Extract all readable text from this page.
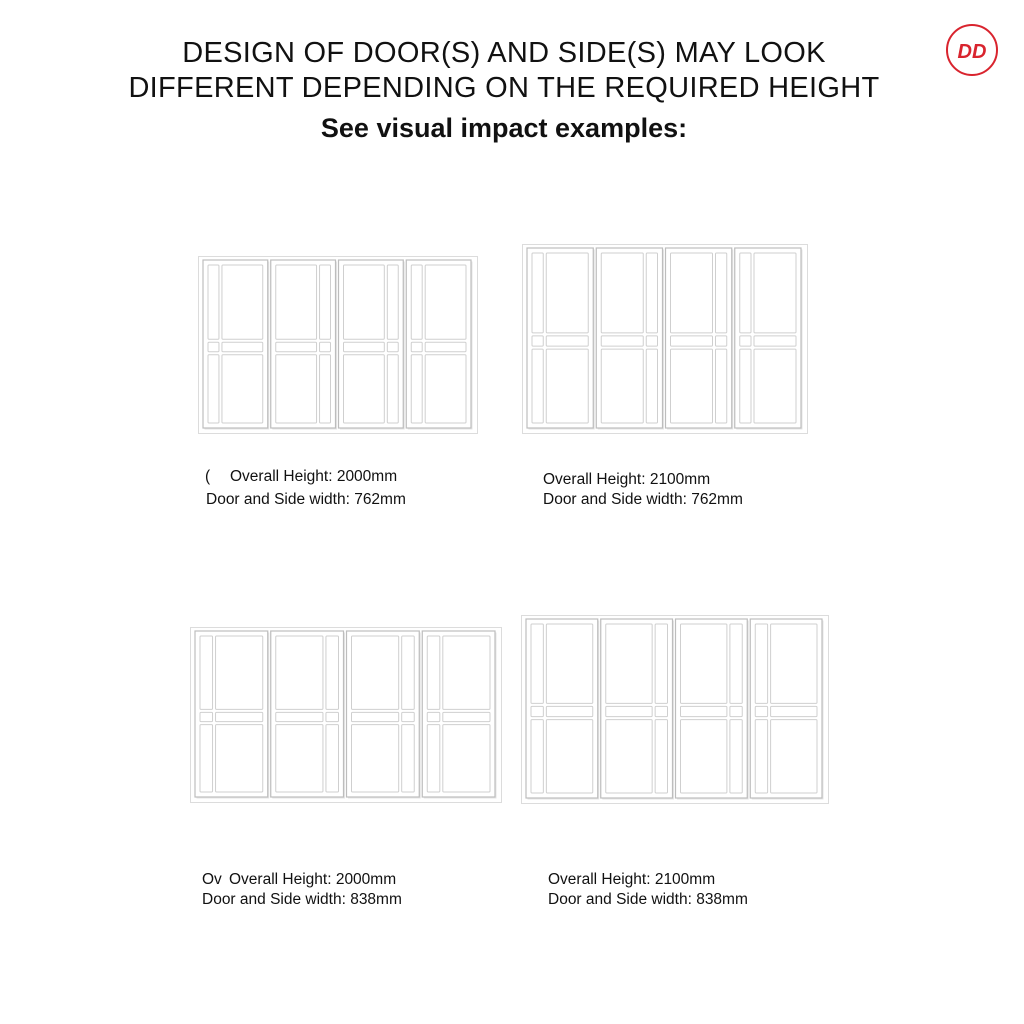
DESIGN OF DOOR(S) AND SIDE(S) MAY LOOK
DIFFERENT DEPENDING ON THE REQUIRED HEIGHT
See visual impact examples:
DD
( Overall Height: 2000mm
Door and Side width: 762mm
Overall Height: 2100mm
Door and Side width: 762mm
Ov Overall Height: 2000mm
Door and Side width: 838mm
Overall Height: 2100mm
Door and Side width: 838mm
